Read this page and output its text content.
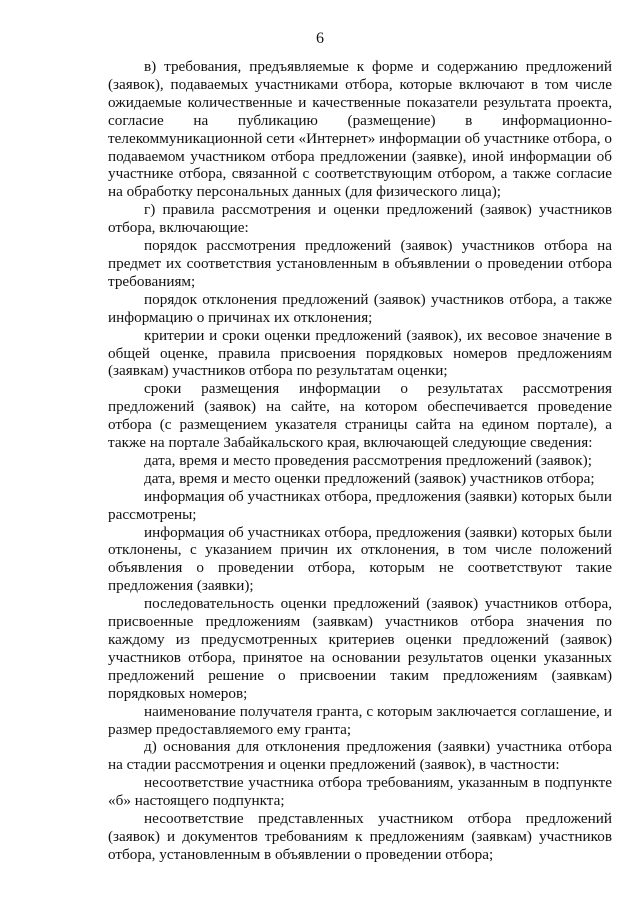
6

в) требования, предъявляемые к форме и содержанию предложений (заявок), подаваемых участниками отбора, которые включают в том числе ожидаемые количественные и качественные показатели результата проекта, согласие на публикацию (размещение) в информационно-телекоммуникационной сети «Интернет» информации об участнике отбора, о подаваемом участником отбора предложении (заявке), иной информации об участнике отбора, связанной с соответствующим отбором, а также согласие на обработку персональных данных (для физического лица);

г) правила рассмотрения и оценки предложений (заявок) участников отбора, включающие:

порядок рассмотрения предложений (заявок) участников отбора на предмет их соответствия установленным в объявлении о проведении отбора требованиям;

порядок отклонения предложений (заявок) участников отбора, а также информацию о причинах их отклонения;

критерии и сроки оценки предложений (заявок), их весовое значение в общей оценке, правила присвоения порядковых номеров предложениям (заявкам) участников отбора по результатам оценки;

сроки размещения информации о результатах рассмотрения предложений (заявок) на сайте, на котором обеспечивается проведение отбора (с размещением указателя страницы сайта на едином портале), а также на портале Забайкальского края, включающей следующие сведения:

дата, время и место проведения рассмотрения предложений (заявок);

дата, время и место оценки предложений (заявок) участников отбора;

информация об участниках отбора, предложения (заявки) которых были рассмотрены;

информация об участниках отбора, предложения (заявки) которых были отклонены, с указанием причин их отклонения, в том числе положений объявления о проведении отбора, которым не соответствуют такие предложения (заявки);

последовательность оценки предложений (заявок) участников отбора, присвоенные предложениям (заявкам) участников отбора значения по каждому из предусмотренных критериев оценки предложений (заявок) участников отбора, принятое на основании результатов оценки указанных предложений решение о присвоении таким предложениям (заявкам) порядковых номеров;

наименование получателя гранта, с которым заключается соглашение, и размер предоставляемого ему гранта;

д) основания для отклонения предложения (заявки) участника отбора на стадии рассмотрения и оценки предложений (заявок), в частности:

несоответствие участника отбора требованиям, указанным в подпункте «б» настоящего подпункта;

несоответствие представленных участником отбора предложений (заявок) и документов требованиям к предложениям (заявкам) участников отбора, установленным в объявлении о проведении отбора;
